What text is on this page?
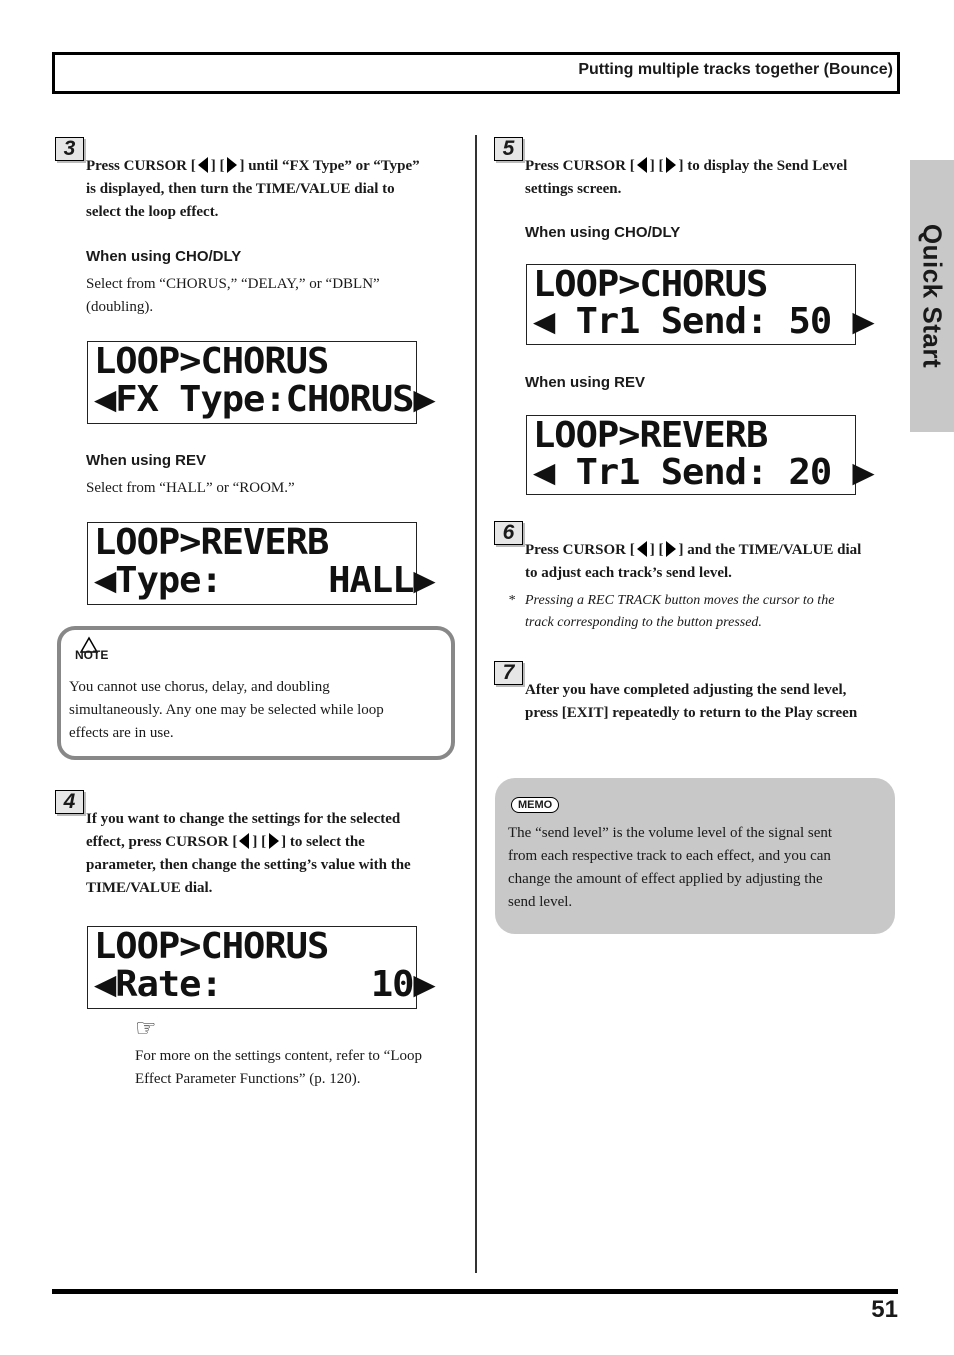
Putting multiple tracks together (Bounce)
Quick Start
3
Press CURSOR [ ] [ ] until “FX Type” or “Type”
is displayed, then turn the TIME/VALUE dial to
select the loop effect.
When using CHO/DLY
Select from “CHORUS,” “DELAY,” or “DBLN”
(doubling).
LOOP>CHORUS
◀FX Type:CHORUS▶
When using REV
Select from “HALL” or “ROOM.”
LOOP>REVERB
◀Type:     HALL▶
NOTE
You cannot use chorus, delay, and doubling
simultaneously. Any one may be selected while loop
effects are in use.
4
If you want to change the settings for the selected
effect, press CURSOR [ ] [ ] to select the
parameter, then change the setting’s value with the
TIME/VALUE dial.
LOOP>CHORUS
◀Rate:       10▶
☞
For more on the settings content, refer to “Loop
Effect Parameter Functions” (p. 120).
5
Press CURSOR [ ] [ ] to display the Send Level
settings screen.
When using CHO/DLY
LOOP>CHORUS
◀ Tr1 Send: 50 ▶
When using REV
LOOP>REVERB
◀ Tr1 Send: 20 ▶
6
Press CURSOR [ ] [ ] and the TIME/VALUE dial
to adjust each track’s send level.
* Pressing a REC TRACK button moves the cursor to the
track corresponding to the button pressed.
7
After you have completed adjusting the send level,
press [EXIT] repeatedly to return to the Play screen
MEMO
The “send level” is the volume level of the signal sent
from each respective track to each effect, and you can
change the amount of effect applied by adjusting the
send level.
51
